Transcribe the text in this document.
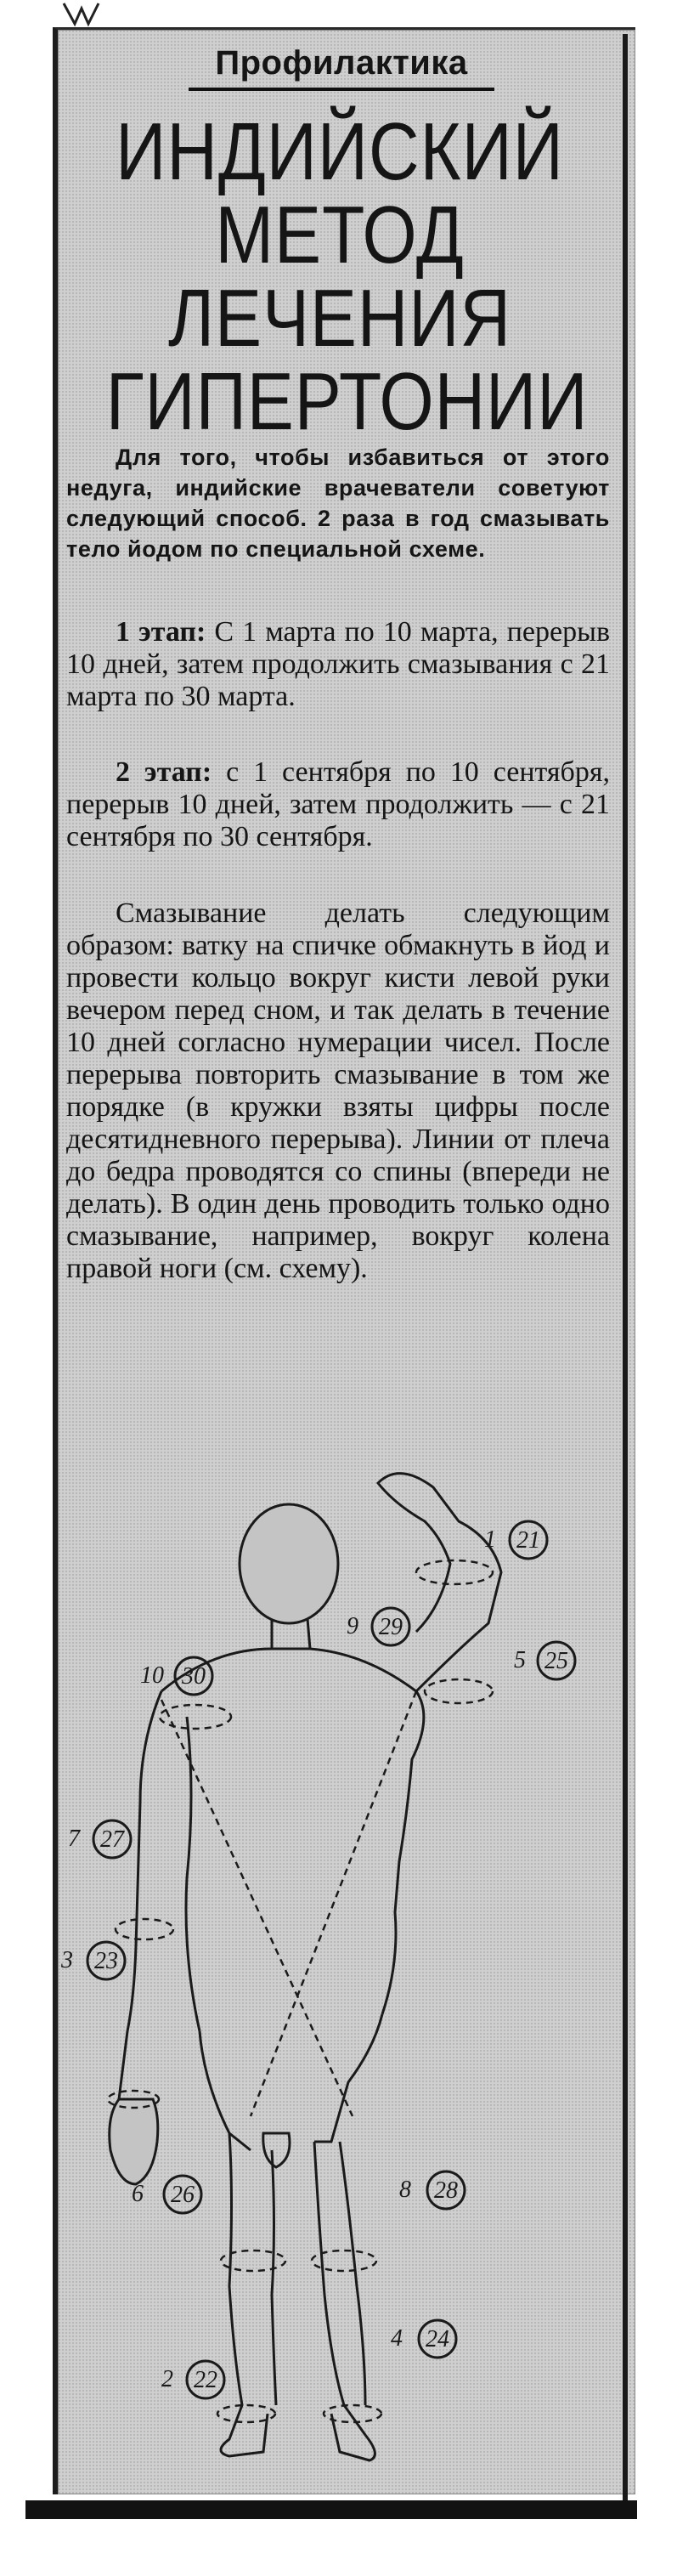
Профилактика
ИНДИЙСКИЙ
МЕТОД
ЛЕЧЕНИЯ
ГИПЕРТОНИИ
Для того, чтобы избавиться от этого недуга, индийские врачеватели советуют следующий способ. 2 раза в год смазывать тело йодом по специальной схеме.
1 этап: С 1 марта по 10 марта, перерыв 10 дней, затем продолжить смазывания с 21 марта по 30 марта.
2 этап: с 1 сентября по 10 сентября, перерыв 10 дней, затем продолжить — с 21 сентября по 30 сентября.
Смазывание делать следующим образом: ватку на спичке обмакнуть в йод и провести кольцо вокруг кисти левой руки вечером перед сном, и так делать в течение 10 дней согласно нумерации чисел. После перерыва повторить смазывание в том же порядке (в кружки взяты цифры после десятидневного перерыва). Линии от плеча до бедра проводятся со спины (впереди не делать). В один день проводить только одно смазывание, например, вокруг колена правой ноги (см. схему).
1 21
9 29
10 30
5 25
7 27
3 23
6 26	8 28
2 22
4 24
